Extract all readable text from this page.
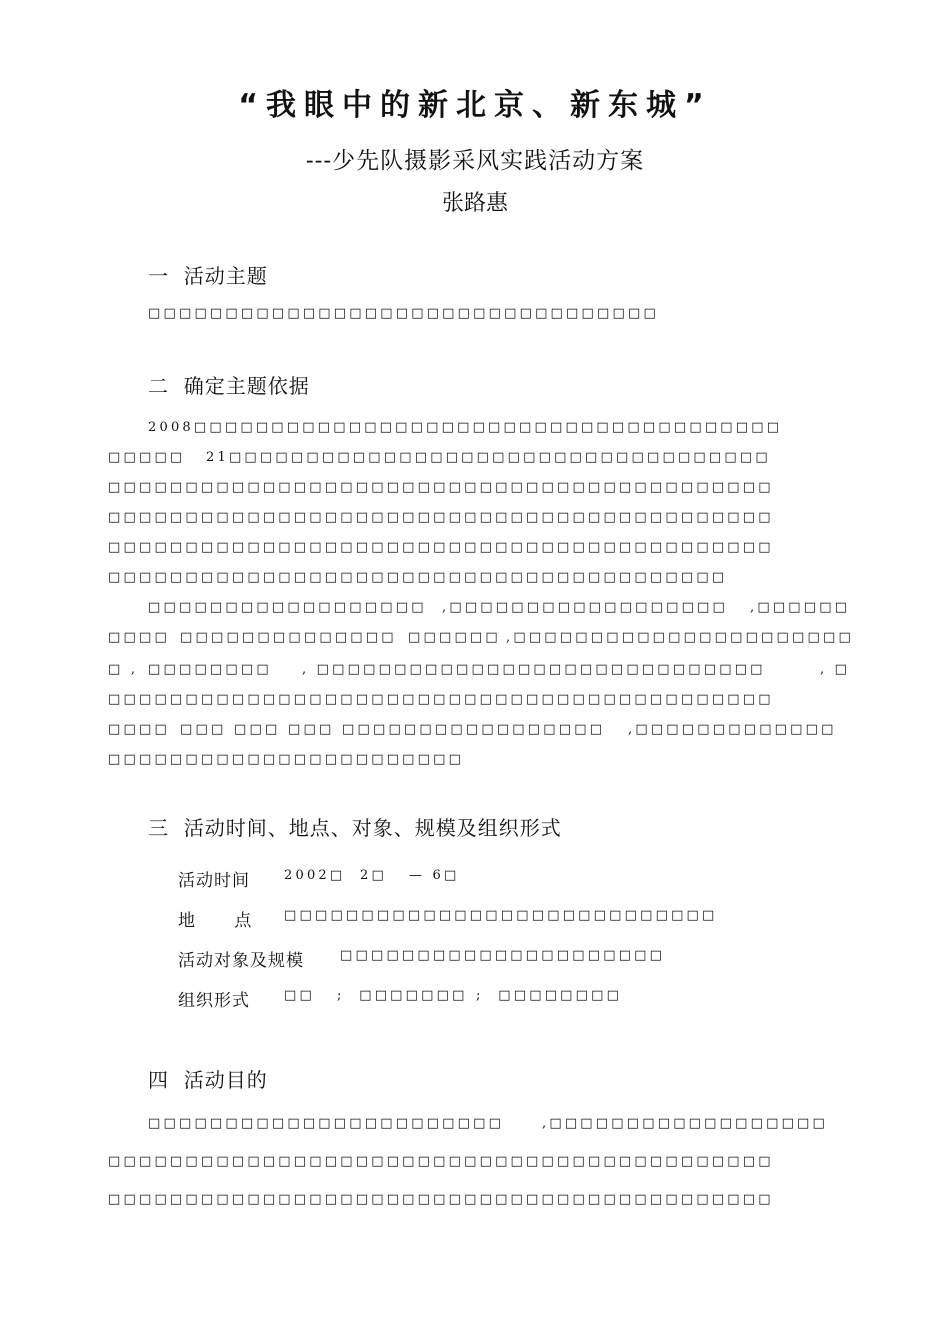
“我眼中的新北京、新东城”
---少先队摄影采风实践活动方案
张路惠
一  活动主题
□□□□□□□□□□□□□□□□□□□□□□□□□□□□□□□□□
二  确定主题依据
2008□□□□□□□□□□□□□□□□□□□□□□□□□□□□□□□□□□□□□□
□□□□□ 21□□□□□□□□□□□□□□□□□□□□□□□□□□□□□□□□□□□
□□□□□□□□□□□□□□□□□□□□□□□□□□□□□□□□□□□□□□□□□□□
□□□□□□□□□□□□□□□□□□□□□□□□□□□□□□□□□□□□□□□□□□□
□□□□□□□□□□□□□□□□□□□□□□□□□□□□□□□□□□□□□□□□□□□
□□□□□□□□□□□□□□□□□□□□□□□□□□□□□□□□□□□□□□□□
□□□□□□□□□□□□□□□□□□ ,□□□□□□□□□□□□□□□□□□ ,□□□□□□
□□□□ □□□□□□□□□□□□□□ □□□□□□ ,□□□□□□□□□□□□□□□□□□□□□□
□ , □□□□□□□□ , □□□□□□□□□□□□□□□□□□□□□□□□□□□□□	, □
□□□□□□□□□□□□□□□□□□□□□□□□□□□□□□□□□□□□□□□□□□□
□□□□ □□□ □□□ □□□ □□□□□□□□□□□□□□□□□ ,□□□□□□□□□□□□□
□□□□□□□□□□□□□□□□□□□□□□□
三  活动时间、地点、对象、规模及组织形式
活动时间	2002□  2□   — 6□
地      点 □□□□□□□□□□□□□□□□□□□□□□□□□□□□
活动对象及规模	□□□□□□□□□□□□□□□□□□□□□
组织形式	□□   ;  □□□□□□□ ;  □□□□□□□□
四  活动目的
□□□□□□□□□□□□□□□□□□□□□□□	,□□□□□□□□□□□□□□□□□□
□□□□□□□□□□□□□□□□□□□□□□□□□□□□□□□□□□□□□□□□□□□
□□□□□□□□□□□□□□□□□□□□□□□□□□□□□□□□□□□□□□□□□□□
